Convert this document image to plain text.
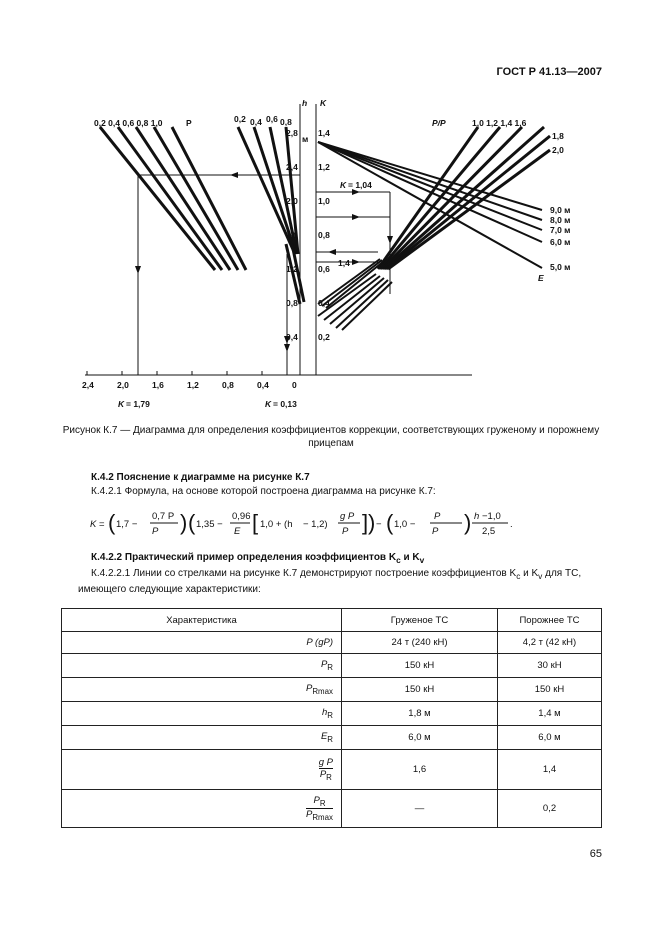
ГОСТ Р 41.13—2007
0,2 0,4 0,6 0,8 1,0	P	0,2 0,4 0,6 0,8	P/P	1,0 1,2 1,4 1,6
1,8
2,0
h K
9,0 м
8,0 м
7,0 м
6,0 м
5,0 м
E
K = 1,04
K = 1,79	K = 0,13
1,4
м
2,8 1,4
2,4 1,2
2,0 1,0
1,6 0,8
1,2 0,6
0,8 0,4
0,4 0,2
2,4	2,0	1,6	1,2	0,8	0,4	0
Рисунок К.7 — Диаграмма для определения коэффициентов коррекции, соответствующих груженому и порожнему прицепам
К.4.2 Пояснение к диаграмме на рисунке К.7
К.4.2.1 Формула, на основе которой построена диаграмма на рисунке К.7:
K = ( 1,7 −
0,7 P
P ) ( 1,35 −
0,96
E [ 1,0 + (h − 1,2)
g P
P ] ) − ( 1,0 −
P
P ) h −1,0
2,5
.
К.4.2.2 Практический пример определения коэффициентов $K_c$ и $K_v$
К.4.2.2.1 Линии со стрелками на рисунке К.7 демонстрируют построение коэффициентов $K_c$ и $K_v$ для ТС, имеющего следующие характеристики:
Характеристика	Груженое ТС	Порожнее ТС
P (gP)	24 т (240 кН)	4,2 т (42 кН)
$P_R$	150 кН	30 кН
$P_{Rmax}$	150 кН	150 кН
$h_R$	1,8 м	1,4 м
$E_R$	6,0 м	6,0 м

$\frac{\text{g P}}{P_R}$	1,6	1,4

$P_R$
$P_{Rmax}$	—	0,2
65
